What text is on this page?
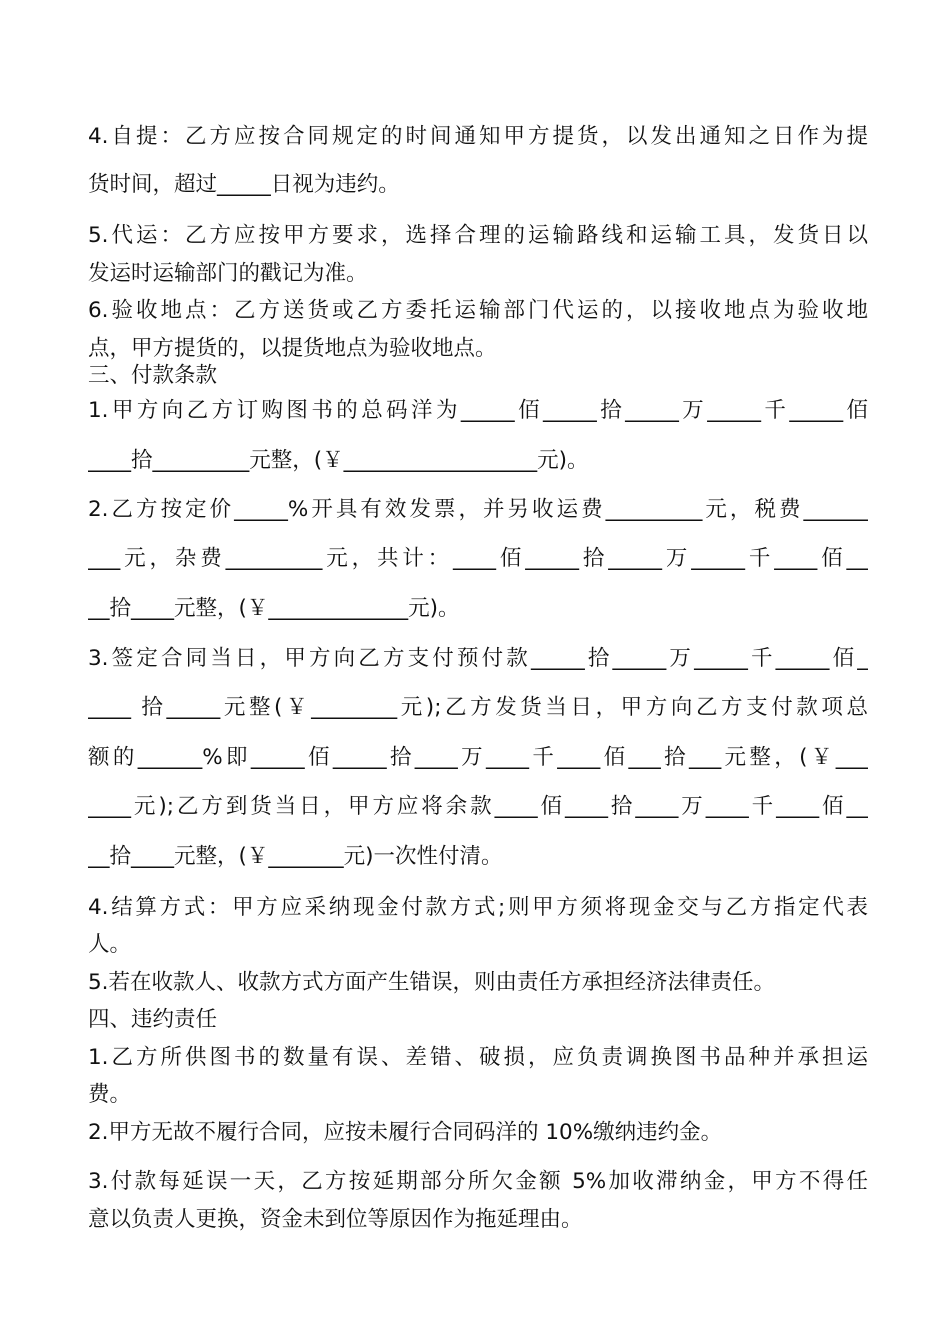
4.自提：乙方应按合同规定的时间通知甲方提货，以发出通知之日作为提
货时间，超过_____日视为违约。
5.代运：乙方应按甲方要求，选择合理的运输路线和运输工具，发货日以
发运时运输部门的戳记为准。
6.验收地点：乙方送货或乙方委托运输部门代运的，以接收地点为验收地
点，甲方提货的，以提货地点为验收地点。
三、付款条款
1.甲方向乙方订购图书的总码洋为_____佰_____拾_____万_____千_____佰
____拾_________元整，(￥__________________元)。
2.乙方按定价_____%开具有效发票，并另收运费_________元，税费______
___元，杂费_________元，共计：____佰_____拾_____万_____千____佰__
__拾____元整，(￥_____________元)。
3.签定合同当日，甲方向乙方支付预付款_____拾_____万_____千_____佰_
____ 拾_____元整(￥________元);乙方发货当日，甲方向乙方支付款项总
额的______%即_____佰_____拾____万____千____佰___拾___元整，(￥___
____元);乙方到货当日，甲方应将余款____佰____拾____万____千____佰__
__拾____元整，(￥_______元)一次性付清。
4.结算方式：甲方应采纳现金付款方式;则甲方须将现金交与乙方指定代表
人。
5.若在收款人、收款方式方面产生错误，则由责任方承担经济法律责任。
四、违约责任
1.乙方所供图书的数量有误、差错、破损，应负责调换图书品种并承担运
费。
2.甲方无故不履行合同，应按未履行合同码洋的 10%缴纳违约金。
3.付款每延误一天，乙方按延期部分所欠金额 5%加收滞纳金，甲方不得任
意以负责人更换，资金未到位等原因作为拖延理由。
